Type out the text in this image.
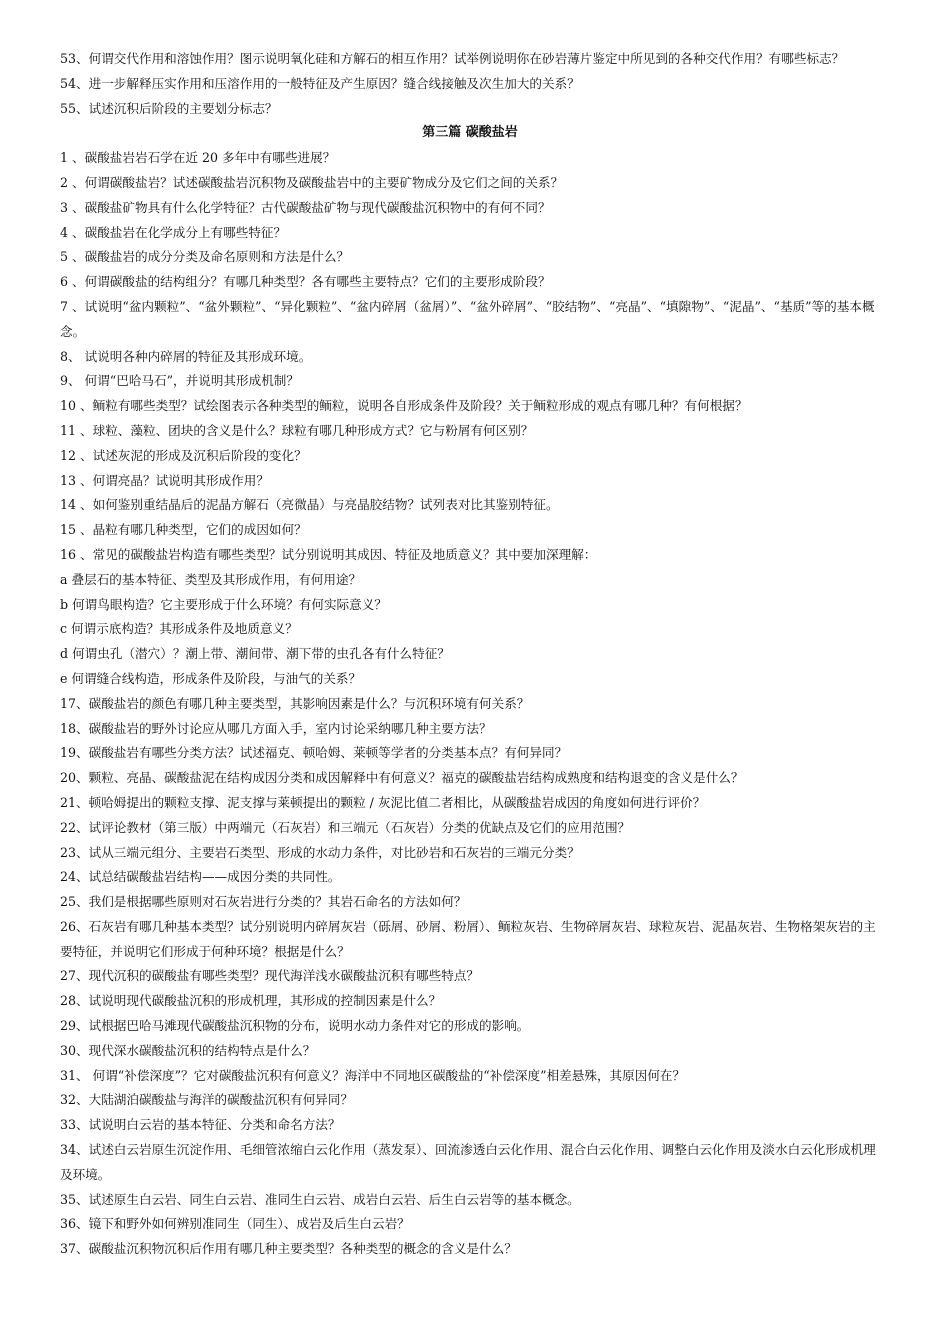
53、何谓交代作用和溶蚀作用？图示说明氧化硅和方解石的相互作用？试举例说明你在砂岩薄片鉴定中所见到的各种交代作用？有哪些标志？
54、进一步解释压实作用和压溶作用的一般特征及产生原因？缝合线接触及次生加大的关系？
55、试述沉积后阶段的主要划分标志？
第三篇 碳酸盐岩
1 、碳酸盐岩岩石学在近 20 多年中有哪些进展？
2 、何谓碳酸盐岩？试述碳酸盐岩沉积物及碳酸盐岩中的主要矿物成分及它们之间的关系？
3 、碳酸盐矿物具有什么化学特征？古代碳酸盐矿物与现代碳酸盐沉积物中的有何不同？
4 、碳酸盐岩在化学成分上有哪些特征？
5 、碳酸盐岩的成分分类及命名原则和方法是什么？
6 、何谓碳酸盐的结构组分？有哪几种类型？各有哪些主要特点？它们的主要形成阶段？
7 、试说明“盆内颗粒”、“盆外颗粒”、“异化颗粒”、“盆内碎屑（盆屑）”、“盆外碎屑”、“胶结物”、“亮晶”、“填隙物”、“泥晶”、“基质”等的基本概念。
8、 试说明各种内碎屑的特征及其形成环境。
9、 何谓“巴哈马石”，并说明其形成机制？
10 、鲕粒有哪些类型？试绘图表示各种类型的鲕粒，说明各自形成条件及阶段？关于鲕粒形成的观点有哪几种？有何根据？
11 、球粒、藻粒、团块的含义是什么？球粒有哪几种形成方式？它与粉屑有何区别？
12 、试述灰泥的形成及沉积后阶段的变化？
13 、何谓亮晶？试说明其形成作用？
14 、如何鉴别重结晶后的泥晶方解石（亮微晶）与亮晶胶结物？试列表对比其鉴别特征。
15 、晶粒有哪几种类型，它们的成因如何？
16 、常见的碳酸盐岩构造有哪些类型？试分别说明其成因、特征及地质意义？其中要加深理解：
a 叠层石的基本特征、类型及其形成作用，有何用途？
b 何谓鸟眼构造？它主要形成于什么环境？有何实际意义？
c 何谓示底构造？其形成条件及地质意义？
d 何谓虫孔（潜穴）？潮上带、潮间带、潮下带的虫孔各有什么特征？
e 何谓缝合线构造，形成条件及阶段，与油气的关系？
17、碳酸盐岩的颜色有哪几种主要类型，其影响因素是什么？与沉积环境有何关系？
18、碳酸盐岩的野外讨论应从哪几方面入手，室内讨论采纳哪几种主要方法？
19、碳酸盐岩有哪些分类方法？试述福克、顿哈姆、莱顿等学者的分类基本点？有何异同？
20、颗粒、亮晶、碳酸盐泥在结构成因分类和成因解释中有何意义？福克的碳酸盐岩结构成熟度和结构退变的含义是什么？
21、顿哈姆提出的颗粒支撑、泥支撑与莱顿提出的颗粒 / 灰泥比值二者相比，从碳酸盐岩成因的角度如何进行评价？
22、试评论教材（第三版）中两端元（石灰岩）和三端元（石灰岩）分类的优缺点及它们的应用范围？
23、试从三端元组分、主要岩石类型、形成的水动力条件，对比砂岩和石灰岩的三端元分类？
24、试总结碳酸盐岩结构——成因分类的共同性。
25、我们是根据哪些原则对石灰岩进行分类的？其岩石命名的方法如何？
26、石灰岩有哪几种基本类型？试分别说明内碎屑灰岩（砾屑、砂屑、粉屑）、鲕粒灰岩、生物碎屑灰岩、球粒灰岩、泥晶灰岩、生物格架灰岩的主要特征，并说明它们形成于何种环境？根据是什么？
27、现代沉积的碳酸盐有哪些类型？现代海洋浅水碳酸盐沉积有哪些特点？
28、试说明现代碳酸盐沉积的形成机理，其形成的控制因素是什么？
29、试根据巴哈马滩现代碳酸盐沉积物的分布，说明水动力条件对它的形成的影响。
30、现代深水碳酸盐沉积的结构特点是什么？
31、 何谓“补偿深度”？它对碳酸盐沉积有何意义？海洋中不同地区碳酸盐的“补偿深度”相差悬殊，其原因何在？
32、大陆湖泊碳酸盐与海洋的碳酸盐沉积有何异同？
33、试说明白云岩的基本特征、分类和命名方法？
34、试述白云岩原生沉淀作用、毛细管浓缩白云化作用（蒸发泵）、回流渗透白云化作用、混合白云化作用、调整白云化作用及淡水白云化形成机理及环境。
35、试述原生白云岩、同生白云岩、准同生白云岩、成岩白云岩、后生白云岩等的基本概念。
36、镜下和野外如何辨别准同生（同生）、成岩及后生白云岩？
37、碳酸盐沉积物沉积后作用有哪几种主要类型？各种类型的概念的含义是什么？
